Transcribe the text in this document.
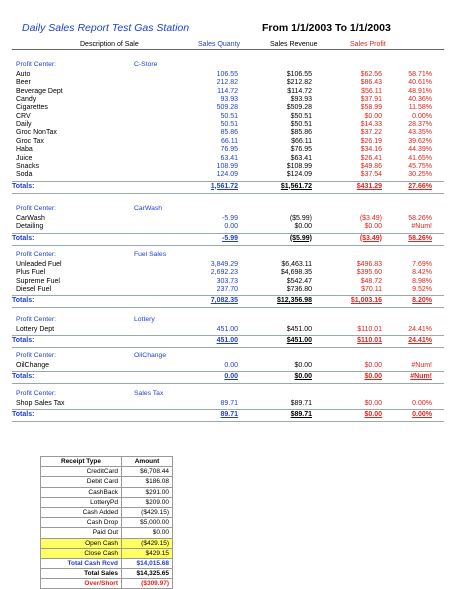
Daily Sales Report Test Gas Station	From 1/1/2003 To 1/1/2003
Description of Sale	Sales Quanty	Sales Revenue	Sales Profit
Profit Center:	C-Store
Auto	106.55	$106.55	$62.56	58.71%
Beer	212.82	$212.82	$86.43	40.61%
Beverage Dept	114.72	$114.72	$56.11	48.91%
Candy	93.93	$93.93	$37.91	40.36%
Cigarettes	509.28	$509.28	$58.99	11.58%
CRV	50.51	$50.51	$0.00	0.00%
Daily	50.51	$50.51	$14.33	28.37%
Groc NonTax	85.86	$85.86	$37.22	43.35%
Groc Tax	66.11	$66.11	$26.19	39.62%
Haba	76.95	$76.95	$34.16	44.39%
Juice	63.41	$63.41	$26.41	41.65%
Snacks	108.99	$108.99	$49.86	45.75%
Soda	124.09	$124.09	$37.54	30.25%
Totals:	1,561.72	$1,561.72	$431.29	27.66%
Profit Center:	CarWash
CarWash	-5.99	($5.99)	($3.49)	58.26%
Detailing	0.00	$0.00	$0.00	#Num!
Totals:	-5.99	($5.99)	($3.49)	58.26%
Profit Center:	Fuel Sales
Unleaded Fuel	3,849.29	$6,463.11	$496.83	7.69%
Plus Fuel	2,692.23	$4,698.35	$395.60	8.42%
Supreme Fuel	303.73	$542.47	$48.72	8.98%
Diesel Fuel	237.70	$736.80	$70.11	9.52%
Totals:	7,082.35	$12,356.98	$1,003.16	8.20%
Profit Center:	Lottery
Lottery Dept	451.00	$451.00	$110.01	24.41%
Totals:	451.00	$451.00	$110.01	24.41%
Profit Center:	OilChange
OilChange	0.00	$0.00	$0.00	#Num!
Totals:	0.00	$0.00	$0.00	#Num!
Profit Center:	Sales Tax
Shop Sales Tax	89.71	$89.71	$0.00	0.00%
Totals:	89.71	$89.71	$0.00	0.00%
Receipt Type	Amount
CreditCard	$6,708.44
Debit Card	$186.08
CashBack	$291.00
LotteryPd	$209.00
Cash Added	($429.15)
Cash Drop	$5,000.00
Paid Out	$0.00
Open Cash	($429.15)
Close Cash	$429.15
Total Cash Rcvd	$14,015.68
Total Sales	$14,325.65
Over/Short	($309.97)
